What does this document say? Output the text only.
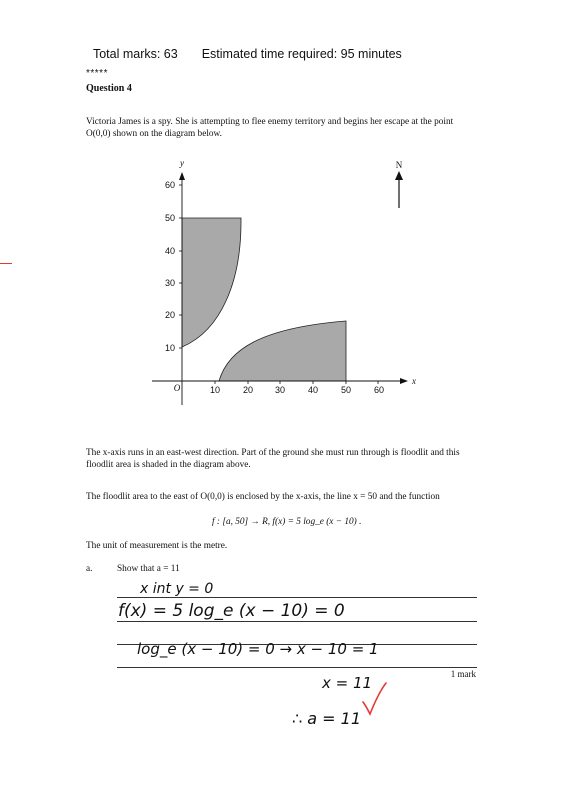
Total marks: 63 Estimated time required: 95 minutes

*****
Question 4
Victoria James is a spy. She is attempting to flee enemy territory and begins her escape at the point
O(0,0) shown on the diagram below.
10
20
30
40
50
60
10	20 30	40	50	60
y
x
O
N
The x-axis runs in an east-west direction. Part of the ground she must run through is floodlit and this
floodlit area is shaded in the diagram above.
The floodlit area to the east of O(0,0) is enclosed by the x-axis, the line x = 50 and the function
f : [a, 50] → R, f(x) = 5 log_e (x − 10) .
The unit of measurement is the metre.
a.	Show that a = 11
x int y = 0
f(x) = 5 log_e (x − 10) = 0
log_e (x − 10) = 0 → x − 10 = 1
x = 11
∴ a = 11
1 mark
